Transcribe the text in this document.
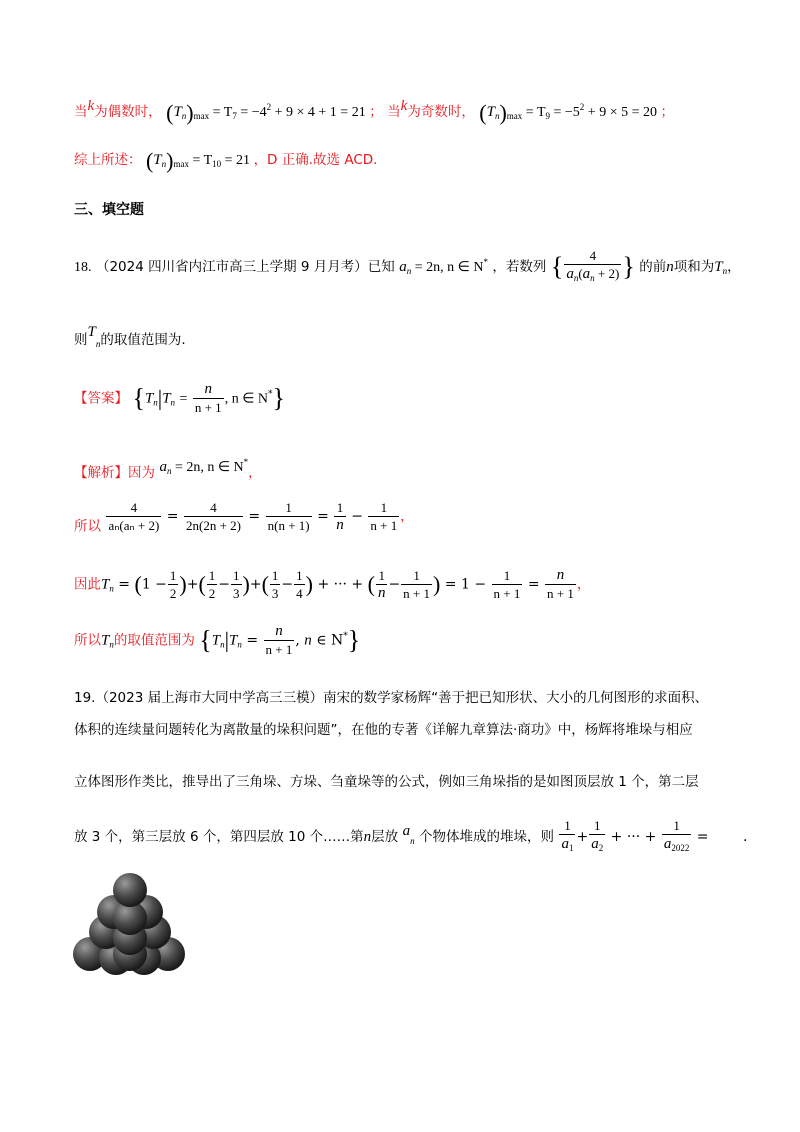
当k为偶数时， $(T_n)_{max} = T_7 = -4^2 + 9 \times 4 + 1 = 21$ ； 当k为奇数时， $(T_n)_{max} = T_9 = -5^2 + 9 \times 5 = 20$ ；
综上所述： $(T_n)_{max} = T_{10} = 21$ ，D 正确.故选 ACD.
三、填空题
18. （2024 四川省内江市高三上学期 9 月月考）已知 $a_n = 2n$, n ∈ N* ，若数列 { $\frac{4}{a_n(a_n + 2)}$ } 的前n项和为$T_n$，
则$T_n$的取值范围为.
【答案】 {$T_n|T_n = \frac{n}{n + 1}$ , n ∈ N*}
【解析】因为 $a_n = 2n$, n ∈ N*，
所以 $\frac{4}{\text{aₙ(aₙ + 2)}} = \frac{4}{2n(2n + 2)} = \frac{1}{n(n + 1)} = \frac{1}{n} - \frac{1}{n + 1}$ ，
因此$T_n = (1 - \frac{1}{2}$ )+( $\frac{1}{2} - \frac{1}{3}$ )+( $\frac{1}{3} - \frac{1}{4}$ ) + ··· + ( $\frac{1}{n} - \frac{1}{n + 1}$ ) = $1 - \frac{1}{n + 1} = \frac{n}{n + 1}$ ，
所以$T_n$的取值范围为 {$T_n|T_n = \frac{n}{n + 1}$ , n ∈ N*}
19.（2023 届上海市大同中学高三三模）南宋的数学家杨辉“善于把已知形状、大小的几何图形的求面积、
体积的连续量问题转化为离散量的垛积问题”，在他的专著《详解九章算法·商功》中，杨辉将堆垛与相应
立体图形作类比，推导出了三角垛、方垛、刍童垛等的公式，例如三角垛指的是如图顶层放 1 个，第二层
放 3 个，第三层放 6 个，第四层放 10 个……第n层放 $a_n$ 个物体堆成的堆垛，则 $\frac{1}{a_1} + \frac{1}{a_2}$ + ··· + $\frac{1}{a_{2022}}$ = .
